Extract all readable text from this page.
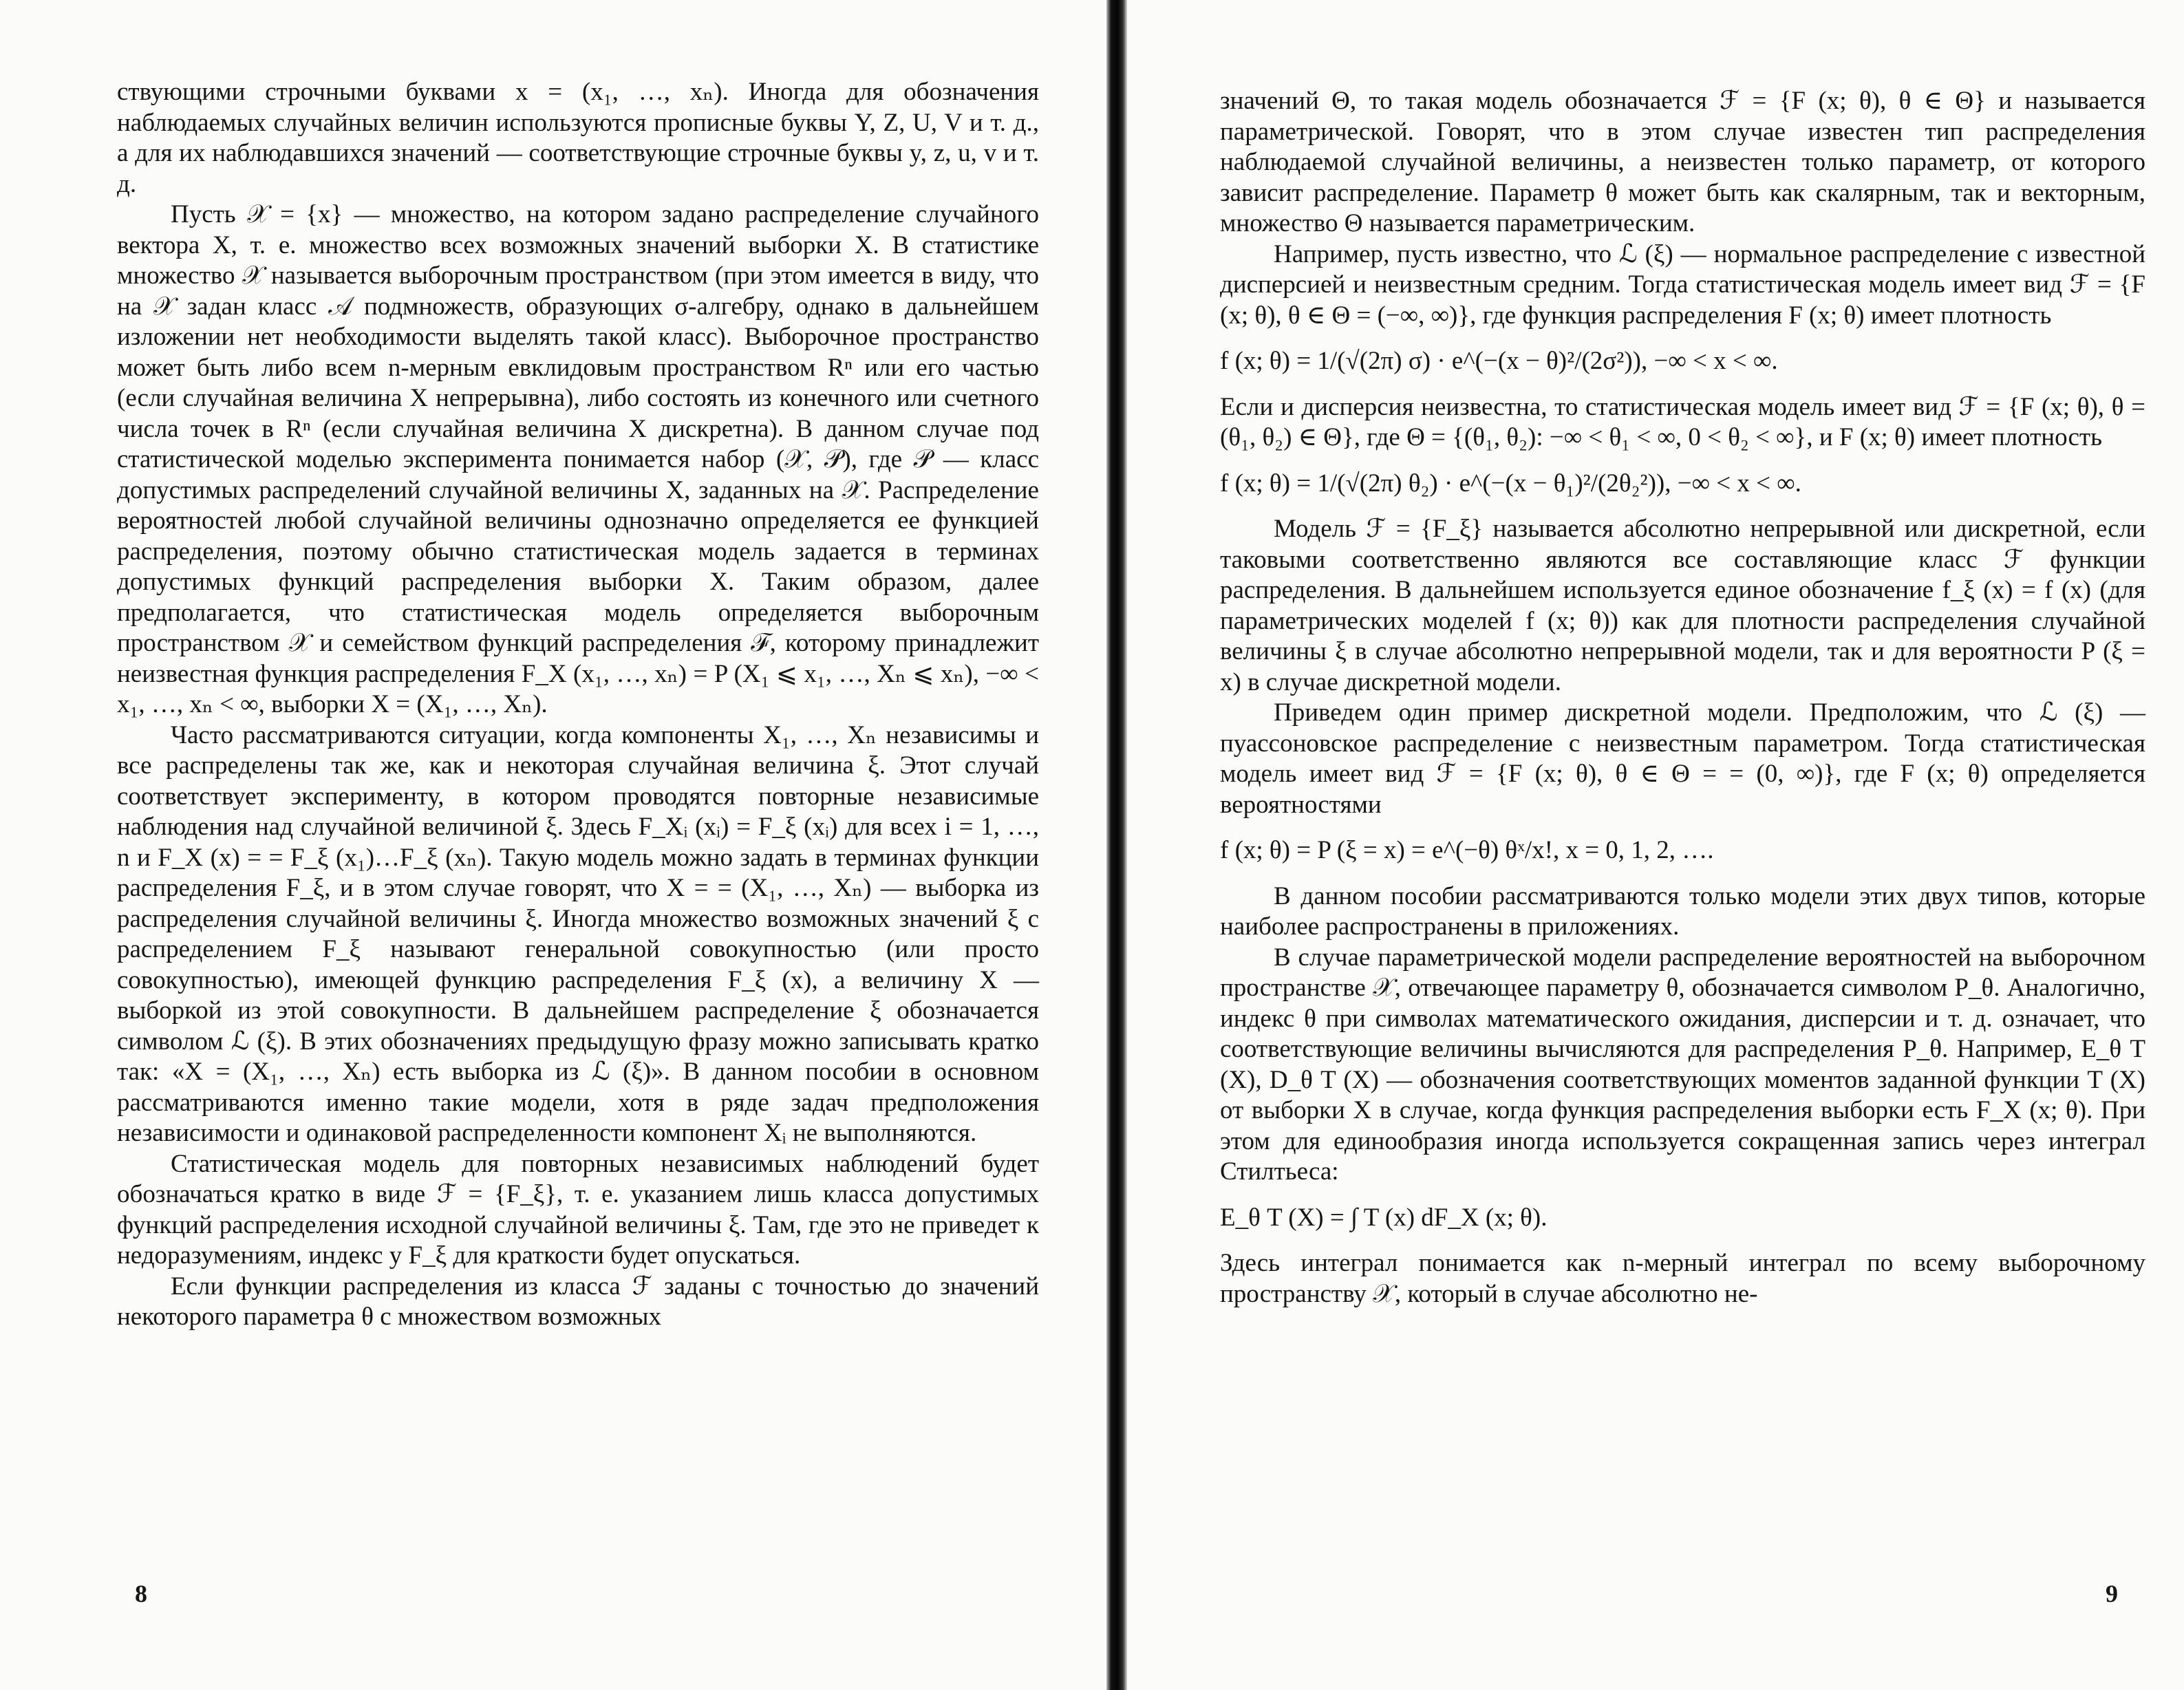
ствующими строчными буквами x = (x₁, …, xₙ). Иногда для обозначения наблюдаемых случайных величин используются прописные буквы Y, Z, U, V и т. д., а для их наблюдавшихся значений — соответствующие строчные буквы y, z, u, v и т. д.

Пусть 𝒳 = {x} — множество, на котором задано распределение случайного вектора X, т. е. множество всех возможных значений выборки X. В статистике множество 𝒳 называется выборочным пространством (при этом имеется в виду, что на 𝒳 задан класс 𝒜 подмножеств, образующих σ-алгебру, однако в дальнейшем изложении нет необходимости выделять такой класс). Выборочное пространство может быть либо всем n-мерным евклидовым пространством Rⁿ или его частью (если случайная величина X непрерывна), либо состоять из конечного или счетного числа точек в Rⁿ (если случайная величина X дискретна). В данном случае под статистической моделью эксперимента понимается набор (𝒳, 𝒫), где 𝒫 — класс допустимых распределений случайной величины X, заданных на 𝒳. Распределение вероятностей любой случайной величины однозначно определяется ее функцией распределения, поэтому обычно статистическая модель задается в терминах допустимых функций распределения выборки X. Таким образом, далее предполагается, что статистическая модель определяется выборочным пространством 𝒳 и семейством функций распределения ℱ, которому принадлежит неизвестная функция распределения F_X (x₁, …, xₙ) = P (X₁ ⩽ x₁, …, Xₙ ⩽ xₙ), −∞ < x₁, …, xₙ < ∞, выборки X = (X₁, …, Xₙ).

Часто рассматриваются ситуации, когда компоненты X₁, …, Xₙ независимы и все распределены так же, как и некоторая случайная величина ξ. Этот случай соответствует эксперименту, в котором проводятся повторные независимые наблюдения над случайной величиной ξ. Здесь F_Xᵢ (xᵢ) = F_ξ (xᵢ) для всех i = 1, …, n и F_X (x) = = F_ξ (x₁)…F_ξ (xₙ). Такую модель можно задать в терминах функции распределения F_ξ, и в этом случае говорят, что X = = (X₁, …, Xₙ) — выборка из распределения случайной величины ξ. Иногда множество возможных значений ξ с распределением F_ξ называют генеральной совокупностью (или просто совокупностью), имеющей функцию распределения F_ξ (x), а величину X — выборкой из этой совокупности. В дальнейшем распределение ξ обозначается символом ℒ (ξ). В этих обозначениях предыдущую фразу можно записывать кратко так: «X = (X₁, …, Xₙ) есть выборка из ℒ (ξ)». В данном пособии в основном рассматриваются именно такие модели, хотя в ряде задач предположения независимости и одинаковой распределенности компонент Xᵢ не выполняются.

Статистическая модель для повторных независимых наблюдений будет обозначаться кратко в виде ℱ = {F_ξ}, т. е. указанием лишь класса допустимых функций распределения исходной случайной величины ξ. Там, где это не приведет к недоразумениям, индекс у F_ξ для краткости будет опускаться.

Если функции распределения из класса ℱ заданы с точностью до значений некоторого параметра θ с множеством возможных

8

значений Θ, то такая модель обозначается ℱ = {F (x; θ), θ ∈ Θ} и называется параметрической. Говорят, что в этом случае известен тип распределения наблюдаемой случайной величины, а неизвестен только параметр, от которого зависит распределение. Параметр θ может быть как скалярным, так и векторным, множество Θ называется параметрическим.

Например, пусть известно, что ℒ (ξ) — нормальное распределение с известной дисперсией и неизвестным средним. Тогда статистическая модель имеет вид ℱ = {F (x; θ), θ ∈ Θ = (−∞, ∞)}, где функция распределения F (x; θ) имеет плотность

f (x; θ) = 1/(√(2π) σ) · e^(−(x − θ)²/(2σ²)), −∞ < x < ∞.

Если и дисперсия неизвестна, то статистическая модель имеет вид ℱ = {F (x; θ), θ = (θ₁, θ₂) ∈ Θ}, где Θ = {(θ₁, θ₂): −∞ < θ₁ < ∞, 0 < θ₂ < ∞}, и F (x; θ) имеет плотность

f (x; θ) = 1/(√(2π) θ₂) · e^(−(x − θ₁)²/(2θ₂²)), −∞ < x < ∞.

Модель ℱ = {F_ξ} называется абсолютно непрерывной или дискретной, если таковыми соответственно являются все составляющие класс ℱ функции распределения. В дальнейшем используется единое обозначение f_ξ (x) = f (x) (для параметрических моделей f (x; θ)) как для плотности распределения случайной величины ξ в случае абсолютно непрерывной модели, так и для вероятности P (ξ = x) в случае дискретной модели.

Приведем один пример дискретной модели. Предположим, что ℒ (ξ) — пуассоновское распределение с неизвестным параметром. Тогда статистическая модель имеет вид ℱ = {F (x; θ), θ ∈ Θ = = (0, ∞)}, где F (x; θ) определяется вероятностями

f (x; θ) = P (ξ = x) = e^(−θ) θˣ/x!, x = 0, 1, 2, ….

В данном пособии рассматриваются только модели этих двух типов, которые наиболее распространены в приложениях.

В случае параметрической модели распределение вероятностей на выборочном пространстве 𝒳, отвечающее параметру θ, обозначается символом P_θ. Аналогично, индекс θ при символах математического ожидания, дисперсии и т. д. означает, что соответствующие величины вычисляются для распределения P_θ. Например, E_θ T (X), D_θ T (X) — обозначения соответствующих моментов заданной функции T (X) от выборки X в случае, когда функция распределения выборки есть F_X (x; θ). При этом для единообразия иногда используется сокращенная запись через интеграл Стилтьеса:

E_θ T (X) = ∫ T (x) dF_X (x; θ).

Здесь интеграл понимается как n-мерный интеграл по всему выборочному пространству 𝒳, который в случае абсолютно не-

9
